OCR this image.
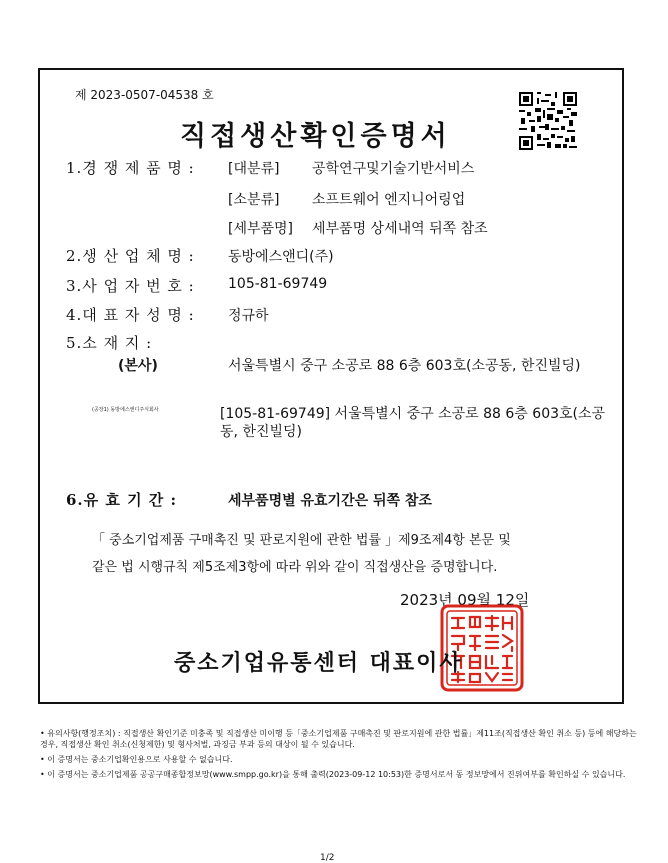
제 2023-0507-04538 호
직접생산확인증명서
1.경 쟁 제 품 명 : [대분류] 공학연구및기술기반서비스
[소분류] 소프트웨어 엔지니어링업
[세부품명] 세부품명 상세내역 뒤쪽 참조
2.생 산 업 체 명 : 동방에스앤디(주)
3.사 업 자 번 호 : 105-81-69749
4.대 표 자 성 명 : 정규하
5.소 재 지 :
(본사)	서울특별시 중구 소공로 88 6층 603호(소공동, 한진빌딩)
(공장1) 동방에스앤디주식회사	[105-81-69749] 서울특별시 중구 소공로 88 6층 603호(소공
동, 한진빌딩)
6.유 효 기 간 :	세부품명별 유효기간은 뒤쪽 참조
「 중소기업제품 구매촉진 및 판로지원에 관한 법률 」제9조제4항 본문 및
같은 법 시행규칙 제5조제3항에 따라 위와 같이 직접생산을 증명합니다.
2023년 09월 12일
중소기업유통센터 대표이사

• 유의사항(행정조치) : 직접생산 확인기준 미충족 및 직접생산 미이행 등「중소기업제품 구매촉진 및 판로지원에 관한 법률」제11조(직접생산 확인 취소 등) 등에 해당하는 경우, 직접생산 확인 취소(신청제한) 및 형사처벌, 과징금 부과 등의 대상이 될 수 있습니다.

• 이 증명서는 중소기업확인용으로 사용할 수 없습니다.

• 이 증명서는 중소기업제품 공공구매종합정보망(www.smpp.go.kr)을 통해 출력(2023-09-12 10:53)한 증명서로서 동 정보망에서 진위여부를 확인하실 수 있습니다.

1/2
